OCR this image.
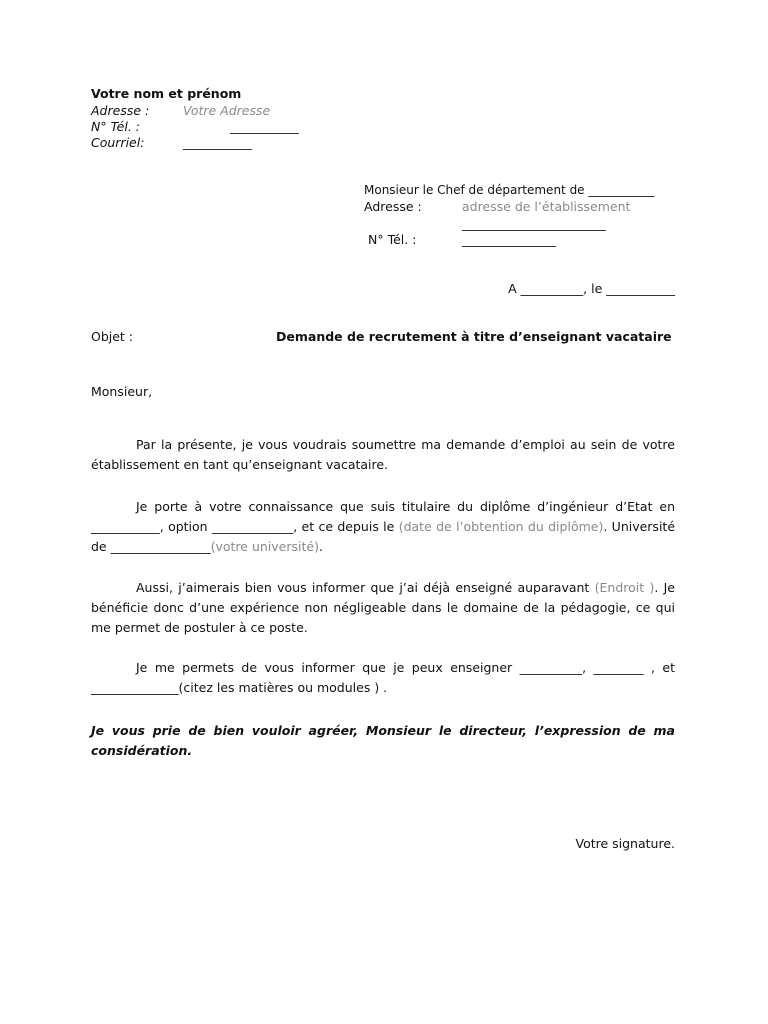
Votre nom et prénom
Adresse :	Votre Adresse
N° Tél. :	___________
Courriel:	___________
Monsieur le Chef de département de ___________
Adresse :	adresse de l’établissement
_______________________
N° Tél. :	_______________
A __________, le ___________
Objet :	Demande de recrutement à titre d’enseignant vacataire
Monsieur,
Par la présente, je vous voudrais soumettre ma demande d’emploi au sein de votre établissement en tant qu’enseignant vacataire.
Je porte à votre connaissance que suis titulaire du diplôme d’ingénieur d’Etat en ___________, option _____________, et ce depuis le (date de l’obtention du diplôme). Université de ________________(votre université).
Aussi, j’aimerais bien vous informer que j’ai déjà enseigné auparavant (Endroit ). Je bénéficie donc d’une expérience non négligeable dans le domaine de la pédagogie, ce qui me permet de postuler à ce poste.
Je me permets de vous informer que je peux enseigner __________, ________ , et ______________(citez les matières ou modules ) .
Je vous prie de bien vouloir agréer, Monsieur le directeur, l’expression de ma considération.
Votre signature.
